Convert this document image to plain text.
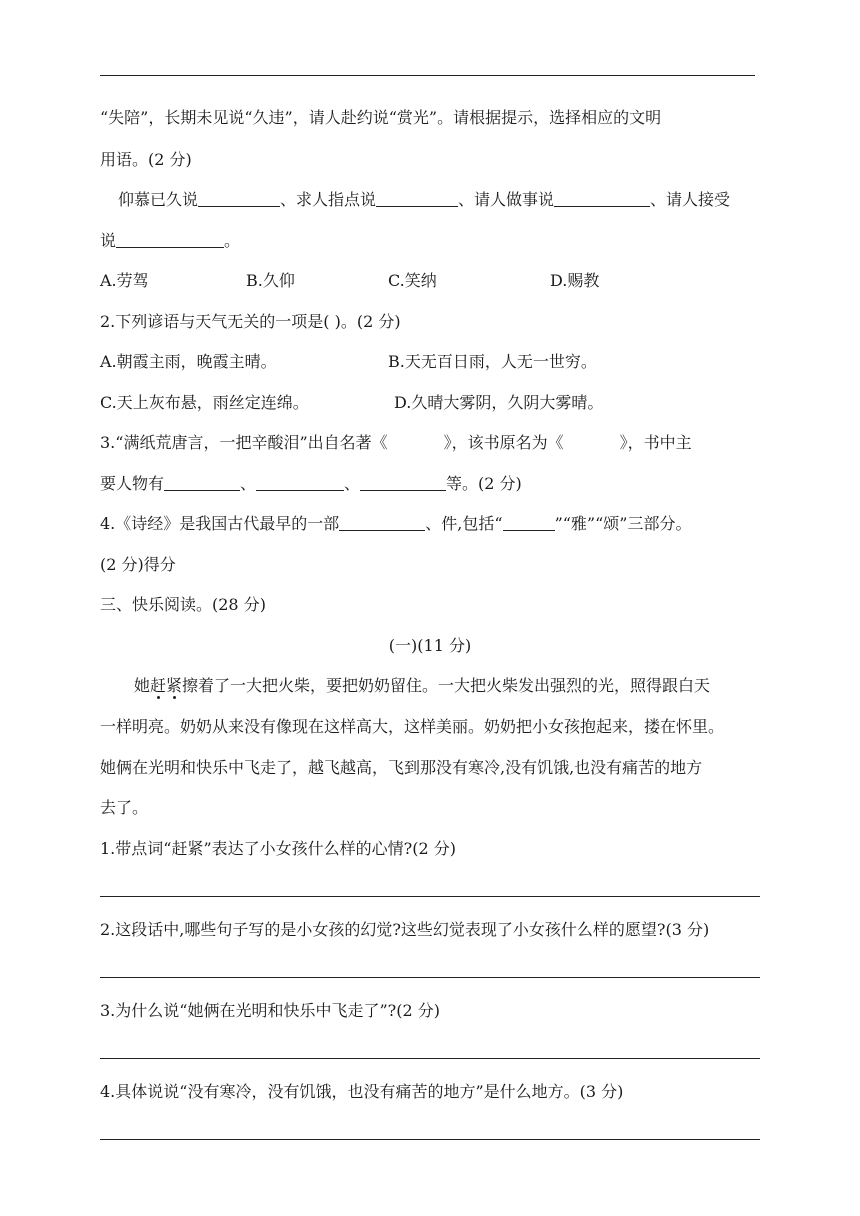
“失陪”，长期未见说“久违”，请人赴约说“赏光”。请根据提示，选择相应的文明
用语。(2 分)
仰慕已久说	、求人指点说	、请人做事说	、请人接受
说	。
A.劳驾	B.久仰	C.笑纳	D.赐教
2.下列谚语与天气无关的一项是( )。(2 分)
A.朝霞主雨，晚霞主晴。	B.天无百日雨，人无一世穷。
C.天上灰布悬，雨丝定连绵。	D.久晴大雾阴，久阴大雾晴。
3.“满纸荒唐言，一把辛酸泪”出自名著《	》，该书原名为《	》，书中主
要人物有	、	、	等。(2 分)
4.《诗经》是我国古代最早的一部	、件,包括“	”“雅”“颂”三部分。
(2 分)得分
三、快乐阅读。(28 分)
(一)(11 分)
她赶紧擦着了一大把火柴，要把奶奶留住。一大把火柴发出强烈的光，照得跟白天
一样明亮。奶奶从来没有像现在这样高大，这样美丽。奶奶把小女孩抱起来，搂在怀里。
她俩在光明和快乐中飞走了，越飞越高，飞到那没有寒冷,没有饥饿,也没有痛苦的地方
去了。
1.带点词“赶紧”表达了小女孩什么样的心情?(2 分)
2.这段话中,哪些句子写的是小女孩的幻觉?这些幻觉表现了小女孩什么样的愿望?(3 分)
3.为什么说“她俩在光明和快乐中飞走了”?(2 分)
4.具体说说“没有寒冷，没有饥饿，也没有痛苦的地方”是什么地方。(3 分)
